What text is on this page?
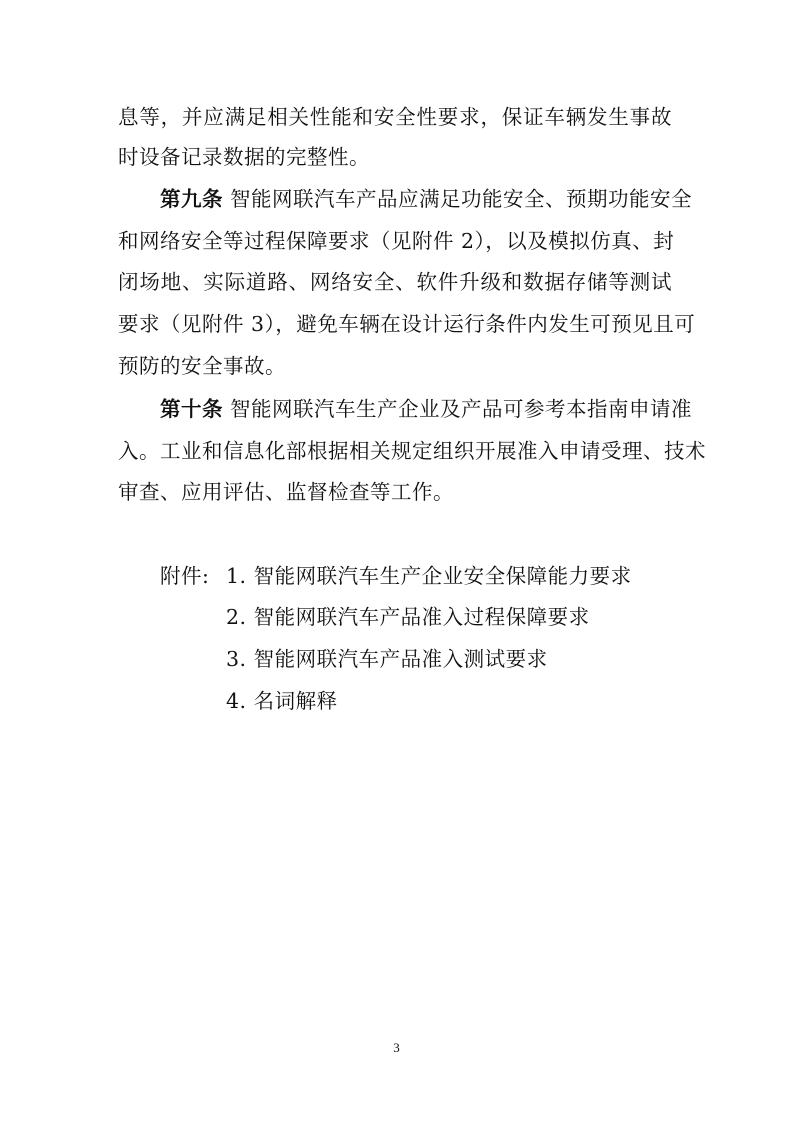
息等，并应满足相关性能和安全性要求，保证车辆发生事故
时设备记录数据的完整性。
第九条 智能网联汽车产品应满足功能安全、预期功能安全
和网络安全等过程保障要求（见附件 2），以及模拟仿真、封
闭场地、实际道路、网络安全、软件升级和数据存储等测试
要求（见附件 3），避免车辆在设计运行条件内发生可预见且可
预防的安全事故。
第十条 智能网联汽车生产企业及产品可参考本指南申请准
入。工业和信息化部根据相关规定组织开展准入申请受理、技术
审查、应用评估、监督检查等工作。
附件: 1. 智能网联汽车生产企业安全保障能力要求
2. 智能网联汽车产品准入过程保障要求
3. 智能网联汽车产品准入测试要求
4. 名词解释
3
